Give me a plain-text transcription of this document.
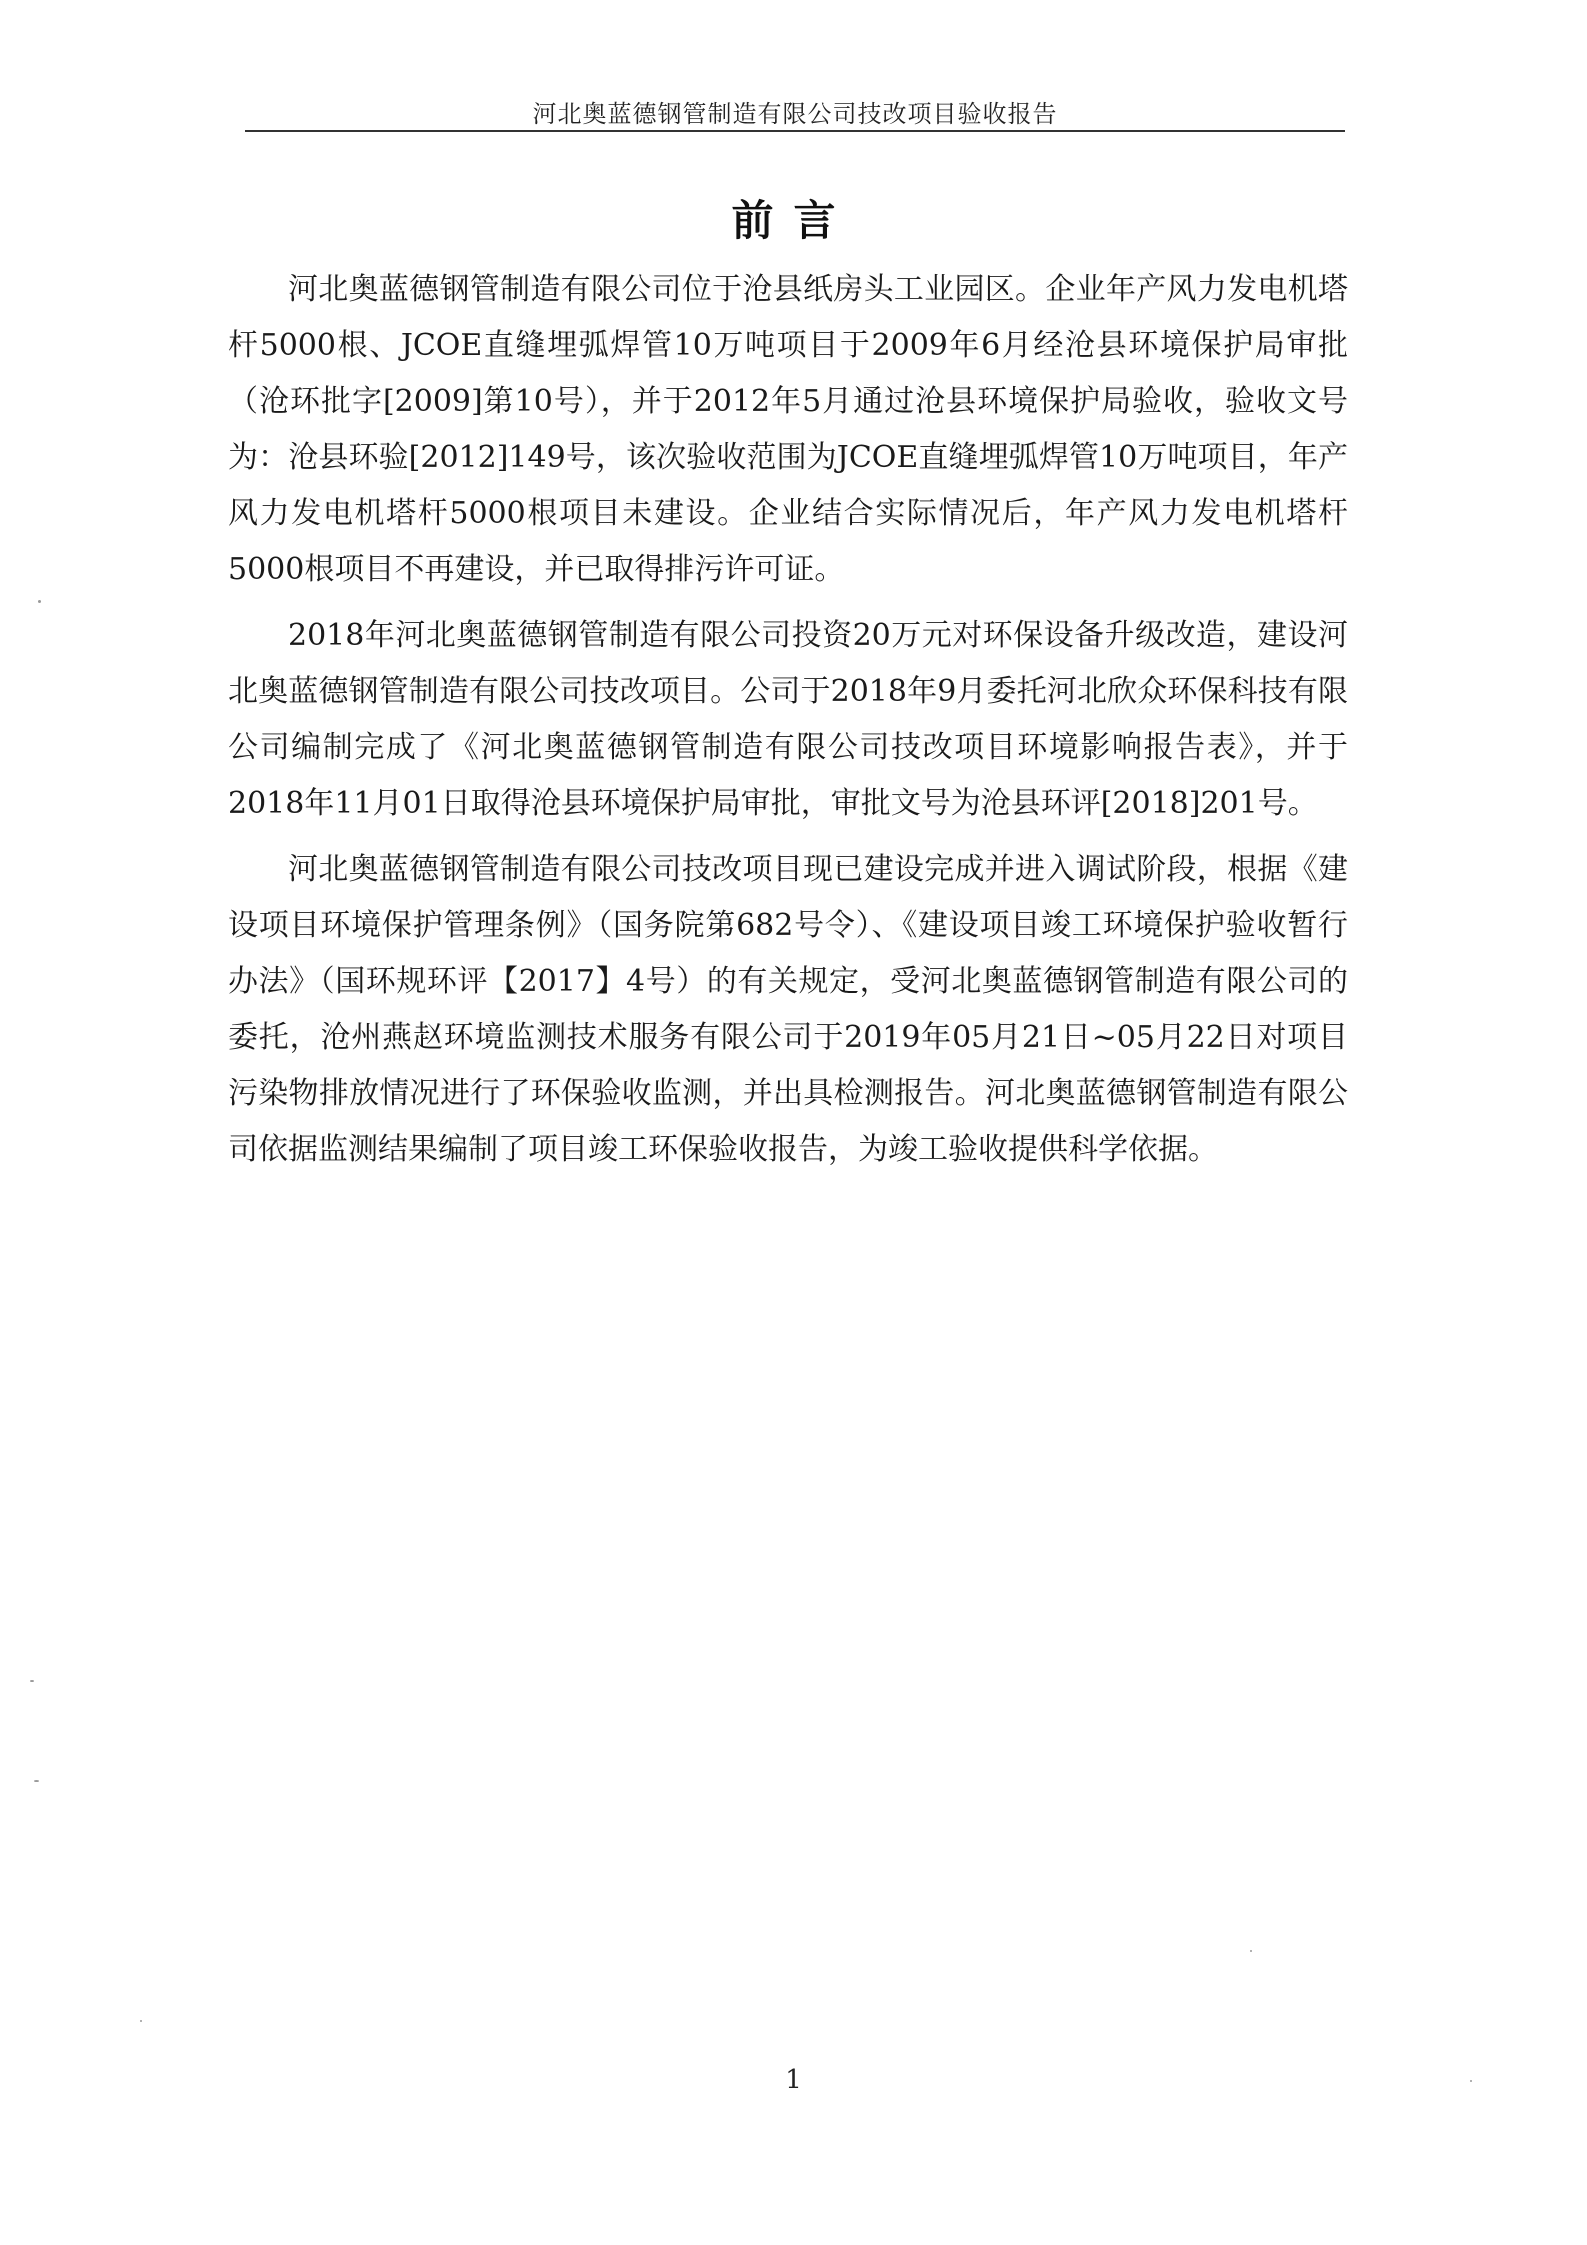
河北奥蓝德钢管制造有限公司技改项目验收报告
前言

河北奥蓝德钢管制造有限公司位于沧县纸房头工业园区。企业年产风力发电机塔杆5000根、JCOE直缝埋弧焊管10万吨项目于2009年6月经沧县环境保护局审批（沧环批字[2009]第10号），并于2012年5月通过沧县环境保护局验收，验收文号为：沧县环验[2012]149号，该次验收范围为JCOE直缝埋弧焊管10万吨项目，年产风力发电机塔杆5000根项目未建设。企业结合实际情况后，年产风力发电机塔杆5000根项目不再建设，并已取得排污许可证。

2018年河北奥蓝德钢管制造有限公司投资20万元对环保设备升级改造，建设河北奥蓝德钢管制造有限公司技改项目。公司于2018年9月委托河北欣众环保科技有限公司编制完成了《河北奥蓝德钢管制造有限公司技改项目环境影响报告表》，并于2018年11月01日取得沧县环境保护局审批，审批文号为沧县环评[2018]201号。

河北奥蓝德钢管制造有限公司技改项目现已建设完成并进入调试阶段，根据《建设项目环境保护管理条例》（国务院第682号令）、《建设项目竣工环境保护验收暂行办法》（国环规环评【2017】4号）的有关规定，受河北奥蓝德钢管制造有限公司的委托，沧州燕赵环境监测技术服务有限公司于2019年05月21日~05月22日对项目污染物排放情况进行了环保验收监测，并出具检测报告。河北奥蓝德钢管制造有限公司依据监测结果编制了项目竣工环保验收报告，为竣工验收提供科学依据。

1
